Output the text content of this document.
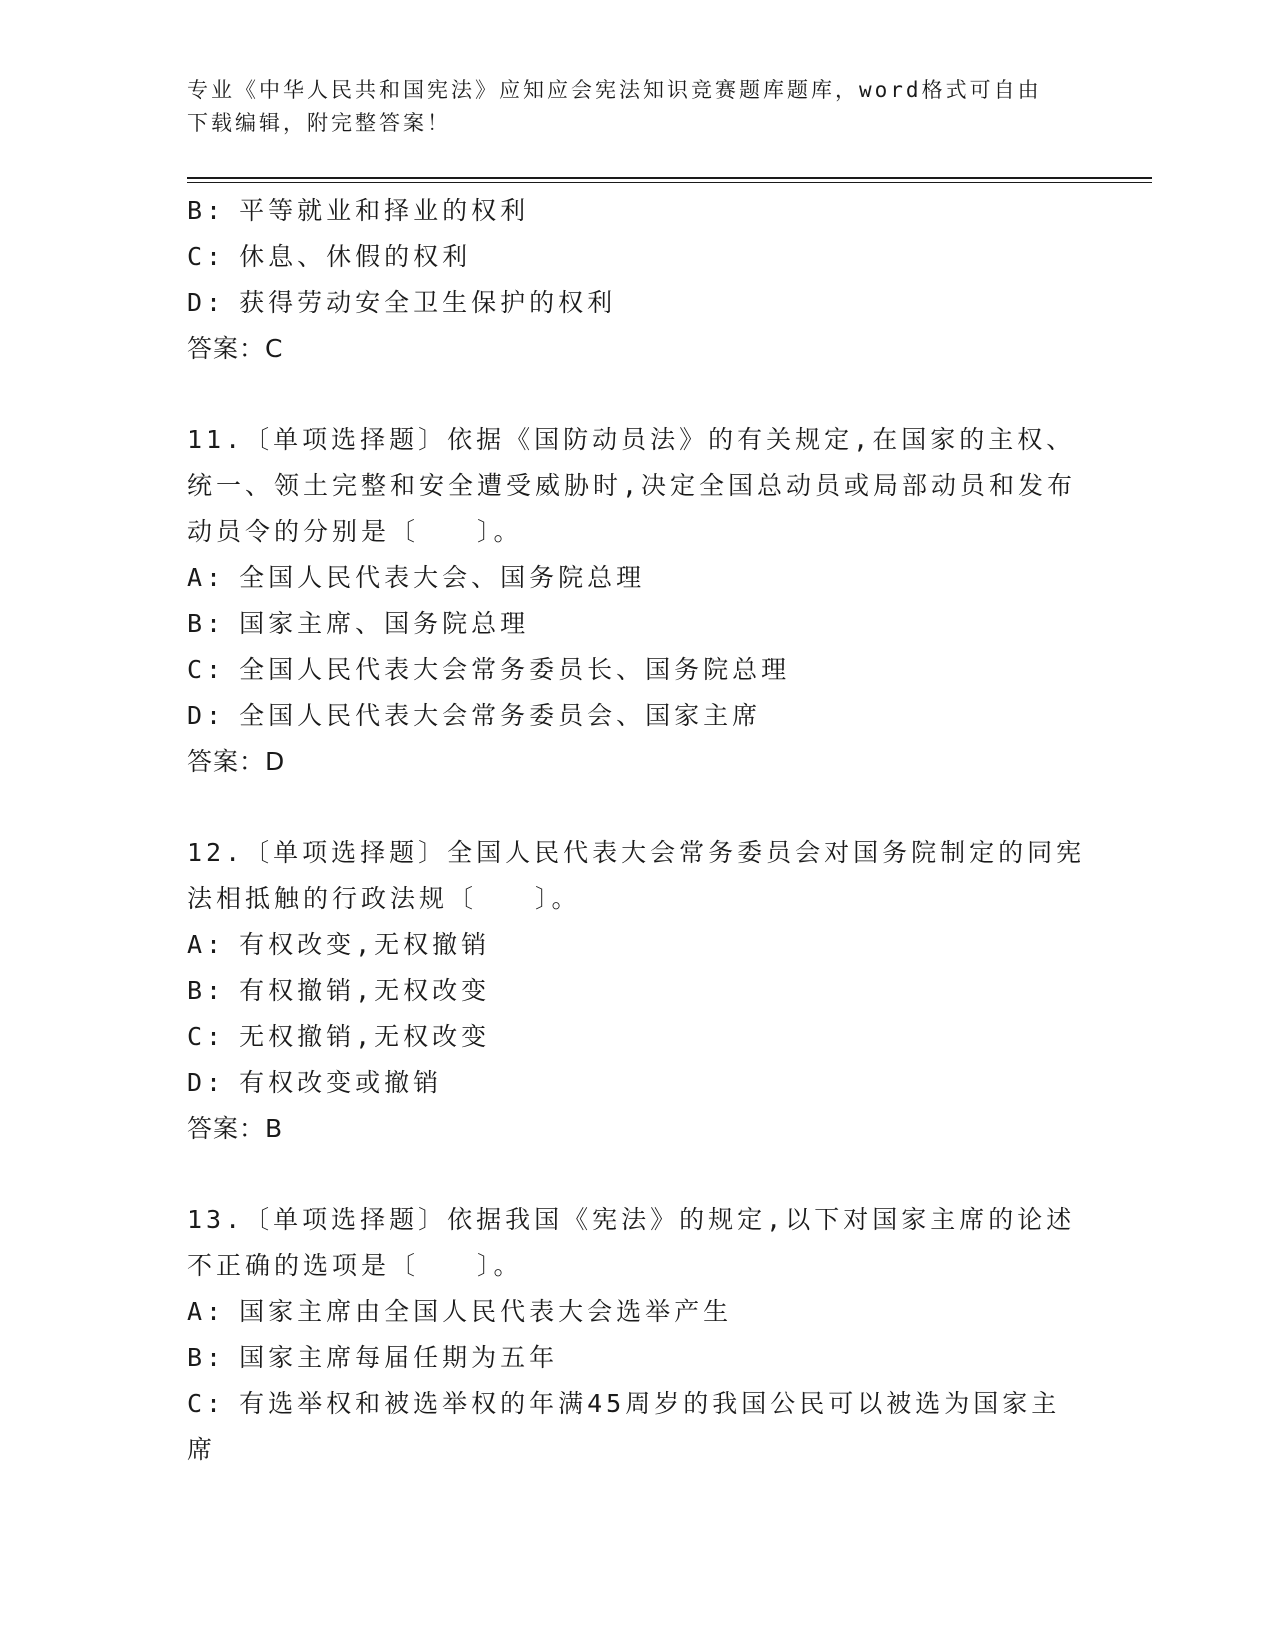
专业《中华人民共和国宪法》应知应会宪法知识竞赛题库题库，word格式可自由
下载编辑，附完整答案！
B: 平等就业和择业的权利
C: 休息、休假的权利
D: 获得劳动安全卫生保护的权利
答案：C
11.〔单项选择题〕依据《国防动员法》的有关规定,在国家的主权、
统一、领土完整和安全遭受威胁时,决定全国总动员或局部动员和发布
动员令的分别是〔　　〕。
A: 全国人民代表大会、国务院总理
B: 国家主席、国务院总理
C: 全国人民代表大会常务委员长、国务院总理
D: 全国人民代表大会常务委员会、国家主席
答案：D
12.〔单项选择题〕全国人民代表大会常务委员会对国务院制定的同宪
法相抵触的行政法规〔　　〕。
A: 有权改变,无权撤销
B: 有权撤销,无权改变
C: 无权撤销,无权改变
D: 有权改变或撤销
答案：B
13.〔单项选择题〕依据我国《宪法》的规定,以下对国家主席的论述
不正确的选项是〔　　〕。
A: 国家主席由全国人民代表大会选举产生
B: 国家主席每届任期为五年
C: 有选举权和被选举权的年满45周岁的我国公民可以被选为国家主
席
